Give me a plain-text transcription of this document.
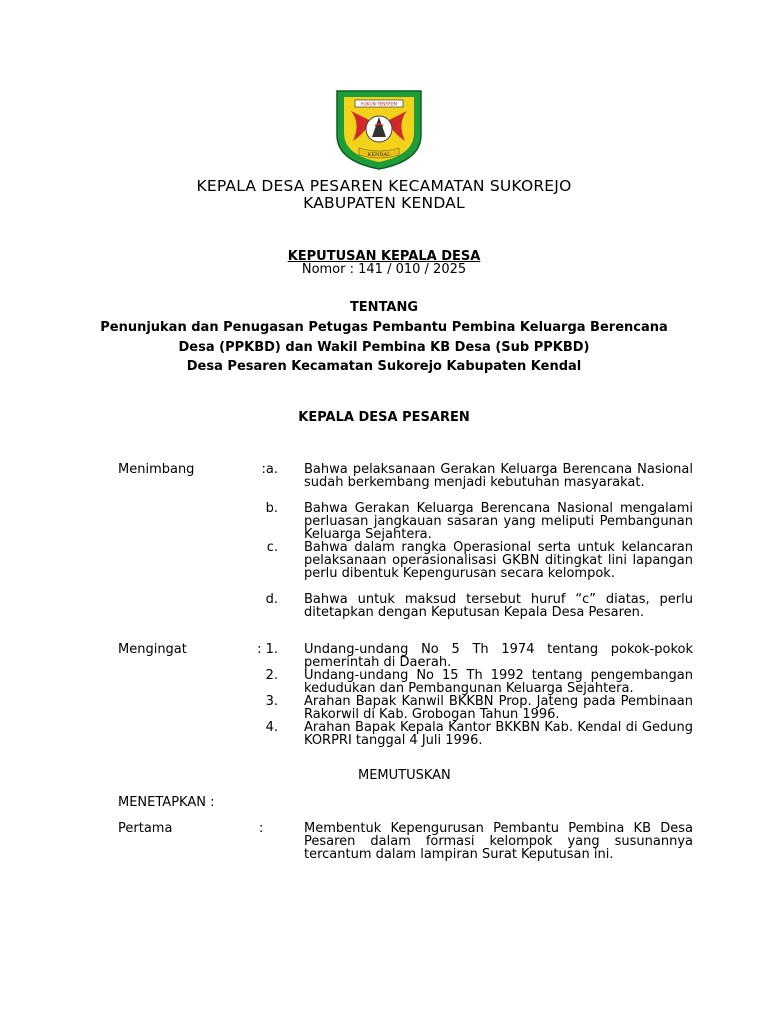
RUKUN TENTREM
KENDAL
KEPALA DESA PESAREN KECAMATAN SUKOREJO
KABUPATEN KENDAL
KEPUTUSAN KEPALA DESA
Nomor : 141 / 010 / 2025
TENTANG
Penunjukan dan Penugasan Petugas Pembantu Pembina Keluarga Berencana
Desa (PPKBD) dan Wakil Pembina KB Desa (Sub PPKBD)
Desa Pesaren Kecamatan Sukorejo Kabupaten Kendal
KEPALA DESA PESAREN
Menimbang	:a. Bahwa pelaksanaan Gerakan Keluarga Berencana Nasional sudah berkembang menjadi kebutuhan masyarakat.
b. Bahwa Gerakan Keluarga Berencana Nasional mengalami perluasan jangkauan sasaran yang meliputi Pembangunan Keluarga Sejahtera.
c. Bahwa dalam rangka Operasional serta untuk kelancaran pelaksanaan operasionalisasi GKBN ditingkat lini lapangan perlu dibentuk Kepengurusan secara kelompok.
d. Bahwa untuk maksud tersebut huruf “c” diatas, perlu ditetapkan dengan Keputusan Kepala Desa Pesaren.
Mengingat	: 1. Undang-undang No 5 Th 1974 tentang pokok-pokok pemerintah di Daerah.
2. Undang-undang No 15 Th 1992 tentang pengembangan kedudukan dan Pembangunan Keluarga Sejahtera.
3. Arahan Bapak Kanwil BKKBN Prop. Jateng pada Pembinaan Rakorwil di Kab. Grobogan Tahun 1996.
4. Arahan Bapak Kepala Kantor BKKBN Kab. Kendal di Gedung KORPRI tanggal 4 Juli 1996.
MEMUTUSKAN
MENETAPKAN :
Pertama	:	Membentuk Kepengurusan Pembantu Pembina KB Desa Pesaren dalam formasi kelompok yang susunannya tercantum dalam lampiran Surat Keputusan ini.
